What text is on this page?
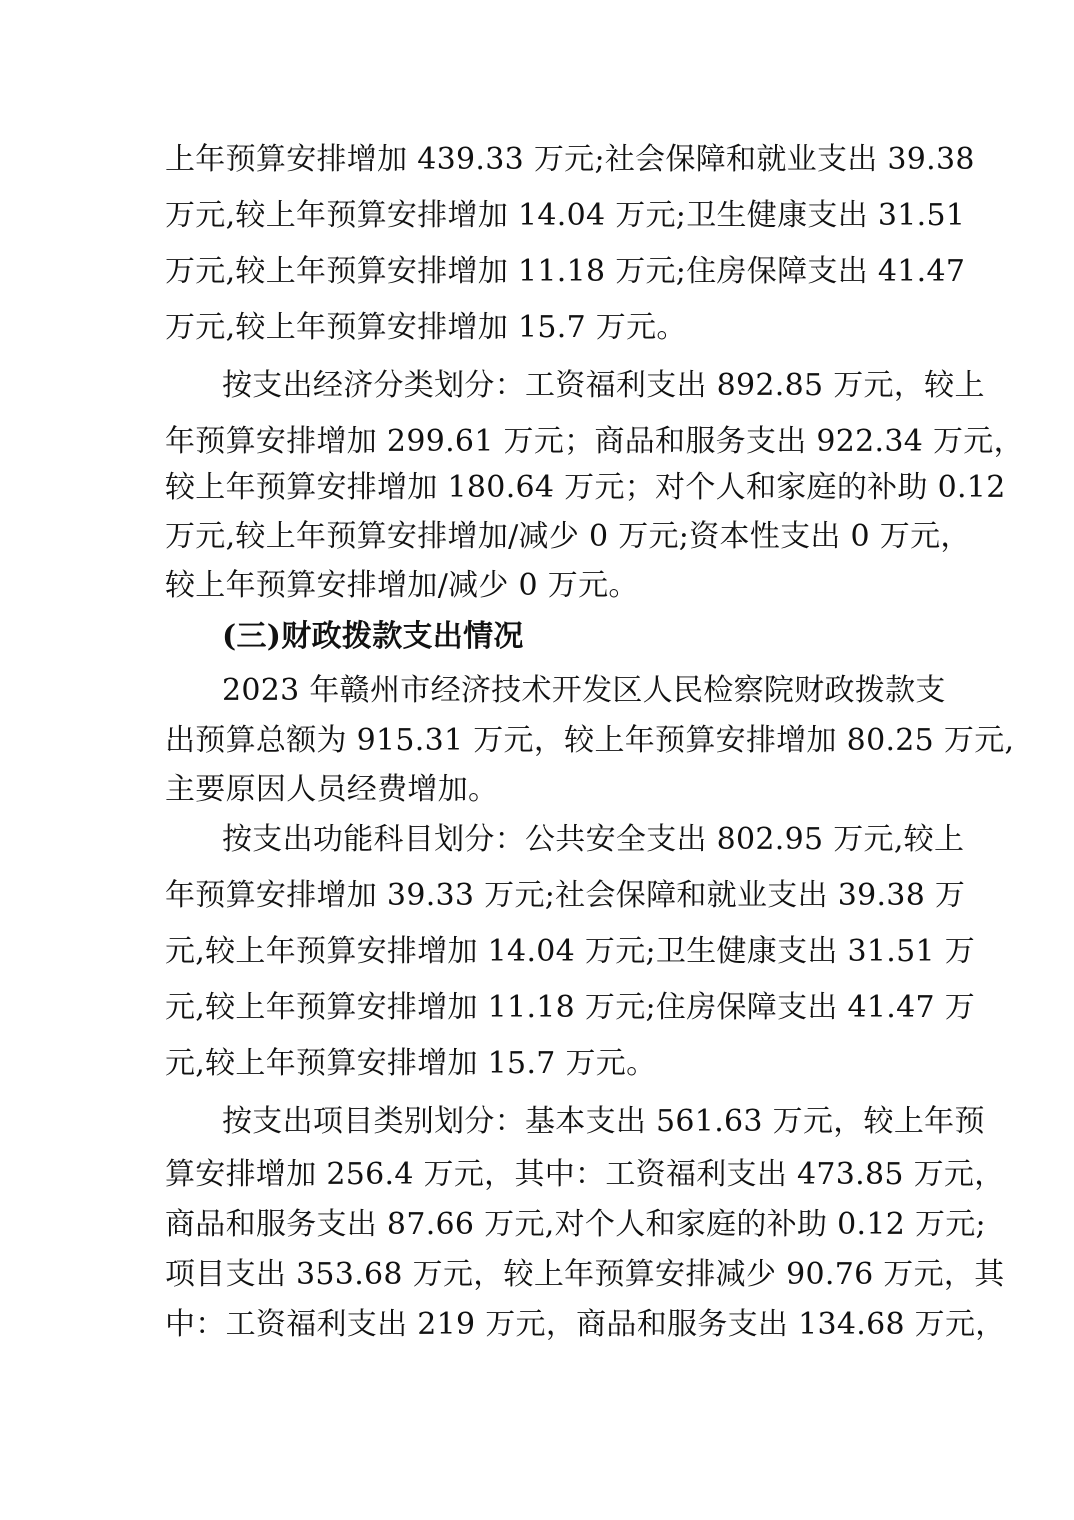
上年预算安排增加 439.33 万元;社会保障和就业支出 39.38
万元,较上年预算安排增加 14.04 万元;卫生健康支出 31.51
万元,较上年预算安排增加 11.18 万元;住房保障支出 41.47
万元,较上年预算安排增加 15.7 万元。
按支出经济分类划分：工资福利支出 892.85 万元，较上
年预算安排增加 299.61 万元；商品和服务支出 922.34 万元，
较上年预算安排增加 180.64 万元；对个人和家庭的补助 0.12
万元,较上年预算安排增加/减少 0 万元;资本性支出 0 万元，
较上年预算安排增加/减少 0 万元。
(三)财政拨款支出情况
2023 年赣州市经济技术开发区人民检察院财政拨款支
出预算总额为 915.31 万元，较上年预算安排增加 80.25 万元,
主要原因人员经费增加。
按支出功能科目划分：公共安全支出 802.95 万元,较上
年预算安排增加 39.33 万元;社会保障和就业支出 39.38 万
元,较上年预算安排增加 14.04 万元;卫生健康支出 31.51 万
元,较上年预算安排增加 11.18 万元;住房保障支出 41.47 万
元,较上年预算安排增加 15.7 万元。
按支出项目类别划分：基本支出 561.63 万元，较上年预
算安排增加 256.4 万元，其中：工资福利支出 473.85 万元，
商品和服务支出 87.66 万元,对个人和家庭的补助 0.12 万元;
项目支出 353.68 万元，较上年预算安排减少 90.76 万元，其
中：工资福利支出 219 万元，商品和服务支出 134.68 万元，
